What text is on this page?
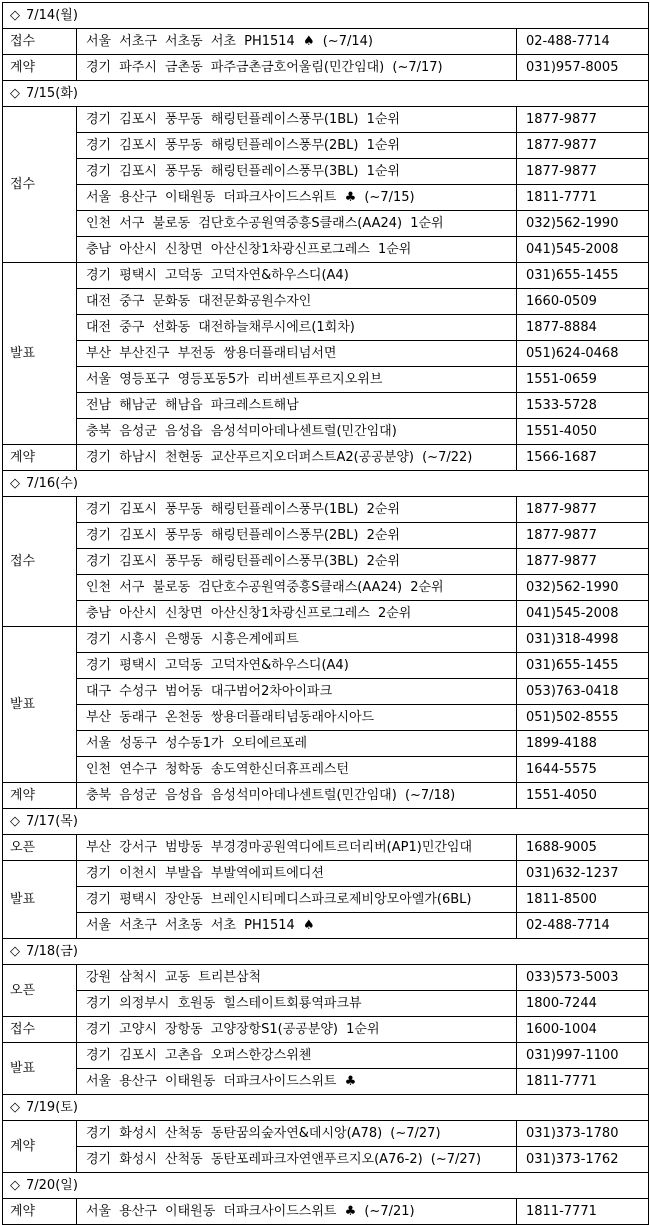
◇ 7/14(월)		
접수	서울 서초구 서초동 서초 PH1514 ♠ (~7/14)	02-488-7714
계약	경기 파주시 금촌동 파주금촌금호어울림(민간임대) (~7/17)	031)957-8005
◇ 7/15(화)		
접수	경기 김포시 풍무동 해링턴플레이스풍무(1BL) 1순위	1877-9877
	경기 김포시 풍무동 해링턴플레이스풍무(2BL) 1순위	1877-9877
	경기 김포시 풍무동 해링턴플레이스풍무(3BL) 1순위	1877-9877
	서울 용산구 이태원동 더파크사이드스위트 ♣ (~7/15)	1811-7771
	인천 서구 불로동 검단호수공원역중흥S클래스(AA24) 1순위	032)562-1990
	충남 아산시 신창면 아산신창1차광신프로그레스 1순위	041)545-2008
발표	경기 평택시 고덕동 고덕자연&하우스디(A4)	031)655-1455
	대전 중구 문화동 대전문화공원수자인	1660-0509
	대전 중구 선화동 대전하늘채루시에르(1회차)	1877-8884
	부산 부산진구 부전동 쌍용더플래티넘서면	051)624-0468
	서울 영등포구 영등포동5가 리버센트푸르지오위브	1551-0659
	전남 해남군 해남읍 파크레스트해남	1533-5728
	충북 음성군 음성읍 음성석미아데나센트럴(민간임대)	1551-4050
계약	경기 하남시 천현동 교산푸르지오더퍼스트A2(공공분양) (~7/22)	1566-1687
◇ 7/16(수)		
접수	경기 김포시 풍무동 해링턴플레이스풍무(1BL) 2순위	1877-9877
	경기 김포시 풍무동 해링턴플레이스풍무(2BL) 2순위	1877-9877
	경기 김포시 풍무동 해링턴플레이스풍무(3BL) 2순위	1877-9877
	인천 서구 불로동 검단호수공원역중흥S클래스(AA24) 2순위	032)562-1990
	충남 아산시 신창면 아산신창1차광신프로그레스 2순위	041)545-2008
발표	경기 시흥시 은행동 시흥은계에피트	031)318-4998
	경기 평택시 고덕동 고덕자연&하우스디(A4)	031)655-1455
	대구 수성구 범어동 대구범어2차아이파크	053)763-0418
	부산 동래구 온천동 쌍용더플래티넘동래아시아드	051)502-8555
	서울 성동구 성수동1가 오티에르포레	1899-4188
	인천 연수구 청학동 송도역한신더휴프레스턴	1644-5575
계약	충북 음성군 음성읍 음성석미아데나센트럴(민간임대) (~7/18)	1551-4050
◇ 7/17(목)		
오픈	부산 강서구 범방동 부경경마공원역디에트르더리버(AP1)민간임대	1688-9005
발표	경기 이천시 부발읍 부발역에피트에디션	031)632-1237
	경기 평택시 장안동 브레인시티메디스파크로제비앙모아엘가(6BL)	1811-8500
	서울 서초구 서초동 서초 PH1514 ♠	02-488-7714
◇ 7/18(금)		
오픈	강원 삼척시 교동 트리븐삼척	033)573-5003
	경기 의정부시 호원동 힐스테이트회룡역파크뷰	1800-7244
접수	경기 고양시 장항동 고양장항S1(공공분양) 1순위	1600-1004
발표	경기 김포시 고촌읍 오퍼스한강스위첸	031)997-1100
	서울 용산구 이태원동 더파크사이드스위트 ♣	1811-7771
◇ 7/19(토)		
계약	경기 화성시 산척동 동탄꿈의숲자연&데시앙(A78) (~7/27)	031)373-1780
	경기 화성시 산척동 동탄포레파크자연앤푸르지오(A76-2) (~7/27)	031)373-1762
◇ 7/20(일)		
계약	서울 용산구 이태원동 더파크사이드스위트 ♣ (~7/21)	1811-7771
